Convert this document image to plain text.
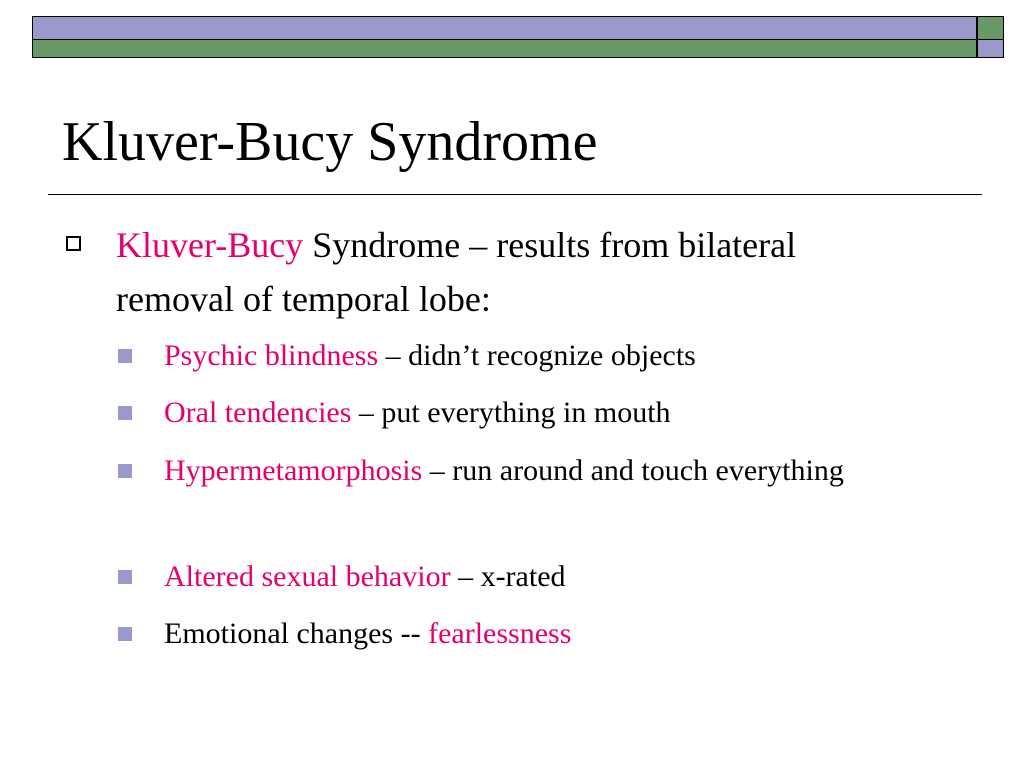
Kluver-Bucy Syndrome
Kluver-Bucy Syndrome – results from bilateral removal of temporal lobe:
Psychic blindness – didn’t recognize objects
Oral tendencies – put everything in mouth
Hypermetamorphosis – run around and touch everything
Altered sexual behavior – x-rated
Emotional changes -- fearlessness
